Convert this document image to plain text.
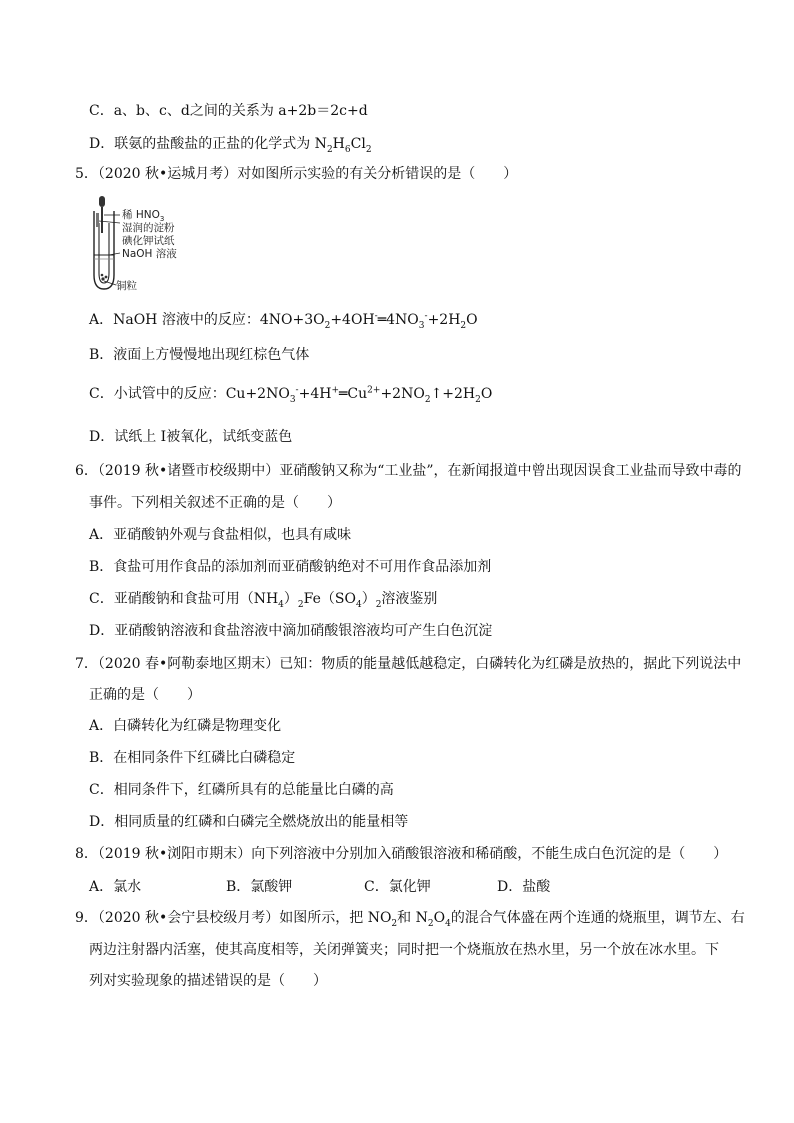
C．a、b、c、d之间的关系为 a+2b＝2c+d
D．联氨的盐酸盐的正盐的化学式为 $N_2H_6Cl_2$
5．（2020 秋•运城月考）对如图所示实验的有关分析错误的是（　　）
稀 $HNO_3$
湿润的淀粉
碘化钾试纸
NaOH 溶液
铜粒
A．NaOH 溶液中的反应：$4NO+3O_2+4OH^-═4NO_3^-+2H_2O$
B．液面上方慢慢地出现红棕色气体
C．小试管中的反应：$Cu+2NO_3^-+4H^+═Cu^{2+}+2NO_2↑+2H_2O$
D．试纸上 I被氧化，试纸变蓝色
6．（2019 秋•诸暨市校级期中）亚硝酸钠又称为“工业盐”，在新闻报道中曾出现因误食工业盐而导致中毒的
事件。下列相关叙述不正确的是（　　）
A．亚硝酸钠外观与食盐相似，也具有咸味
B．食盐可用作食品的添加剂而亚硝酸钠绝对不可用作食品添加剂
C．亚硝酸钠和食盐可用$(NH_4)_2Fe(SO_4)_2$溶液鉴别
D．亚硝酸钠溶液和食盐溶液中滴加硝酸银溶液均可产生白色沉淀
7．（2020 春•阿勒泰地区期末）已知：物质的能量越低越稳定，白磷转化为红磷是放热的，据此下列说法中
正确的是（　　）
A．白磷转化为红磷是物理变化
B．在相同条件下红磷比白磷稳定
C．相同条件下，红磷所具有的总能量比白磷的高
D．相同质量的红磷和白磷完全燃烧放出的能量相等
8．（2019 秋•浏阳市期末）向下列溶液中分别加入硝酸银溶液和稀硝酸，不能生成白色沉淀的是（　　）
A．氯水	B．氯酸钾	C．氯化钾	D．盐酸
9．（2020 秋•会宁县校级月考）如图所示，把 $NO_2$和 $N_2O_4$的混合气体盛在两个连通的烧瓶里，调节左、右
两边注射器内活塞，使其高度相等，关闭弹簧夹；同时把一个烧瓶放在热水里，另一个放在冰水里。下
列对实验现象的描述错误的是（　　）
